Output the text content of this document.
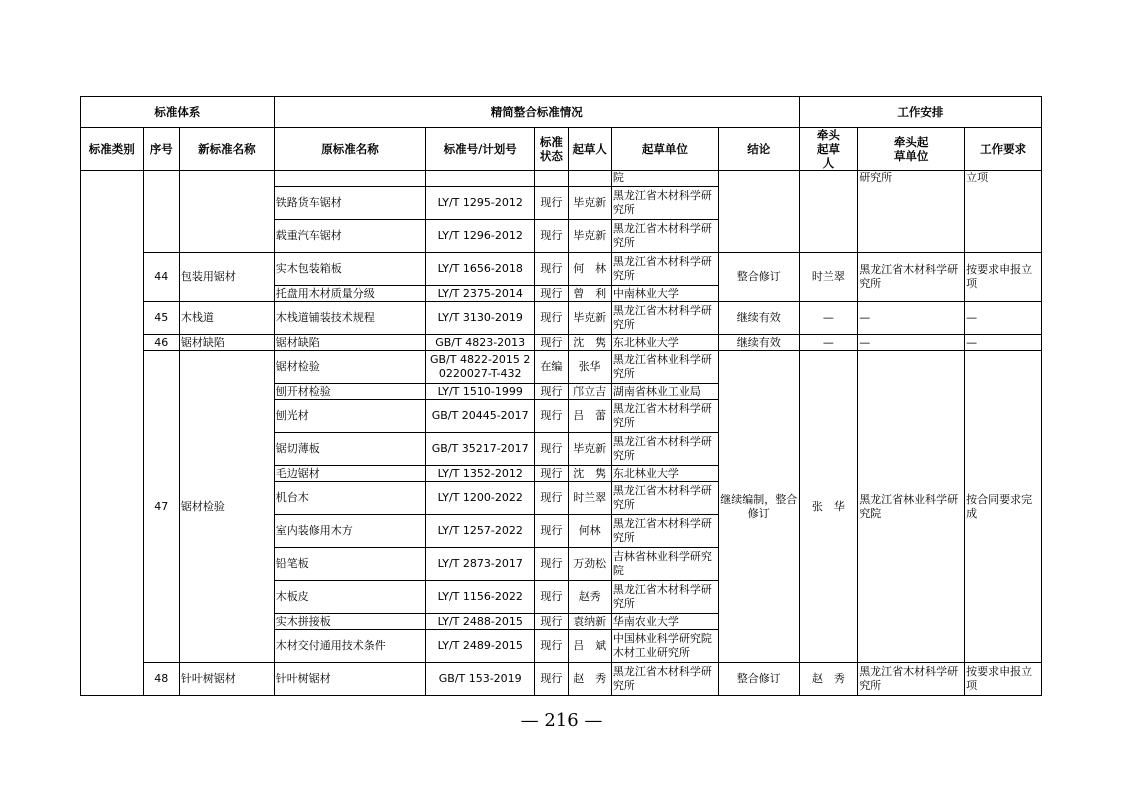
标准体系			精简整合标准情况						工作安排		
标准类别	序号	新标准名称	原标准名称	标准号/计划号	标准状态	起草人	起草单位	结论	牵头起草人	牵头起草单位	工作要求
							院			研究所	立项
			铁路货车锯材	LY/T 1295-2012	现行	毕克新	黑龙江省木材科学研究所				
			载重汽车锯材	LY/T 1296-2012	现行	毕克新	黑龙江省木材科学研究所				
	44	包装用锯材	实木包装箱板	LY/T 1656-2018	现行	何　林	黑龙江省木材科学研究所	整合修订	时兰翠	黑龙江省木材科学研究所	按要求申报立项
			托盘用木材质量分级	LY/T 2375-2014	现行	曾　利	中南林业大学				
	45	木栈道	木栈道铺装技术规程	LY/T 3130-2019	现行	毕克新	黑龙江省木材科学研究所	继续有效	—	—	—
	46	锯材缺陷	锯材缺陷	GB/T 4823-2013	现行	沈　隽	东北林业大学	继续有效	—	—	—
	47	锯材检验	锯材检验	GB/T 4822-2015 20220027-T-432	在编	张华	黑龙江省林业科学研究所	继续编制，整合修订	张　华	黑龙江省林业科学研究院	按合同要求完成
			刨开材检验	LY/T 1510-1999	现行	邝立吉	湖南省林业工业局				
			刨光材	GB/T 20445-2017	现行	吕　蕾	黑龙江省木材科学研究所				
			锯切薄板	GB/T 35217-2017	现行	毕克新	黑龙江省木材科学研究所				
			毛边锯材	LY/T 1352-2012	现行	沈　隽	东北林业大学				
			机台木	LY/T 1200-2022	现行	时兰翠	黑龙江省木材科学研究所				
			室内装修用木方	LY/T 1257-2022	现行	何林	黑龙江省木材科学研究所				
			铅笔板	LY/T 2873-2017	现行	万劲松	吉林省林业科学研究院				
			木板皮	LY/T 1156-2022	现行	赵秀	黑龙江省木材科学研究所				
			实木拼接板	LY/T 2488-2015	现行	袁纳新	华南农业大学				
			木材交付通用技术条件	LY/T 2489-2015	现行	吕　斌	中国林业科学研究院木材工业研究所				
	48	针叶树锯材	针叶树锯材	GB/T 153-2019	现行	赵　秀	黑龙江省木材科学研究所	整合修订	赵　秀	黑龙江省木材科学研究所	按要求申报立项
— 216 —
